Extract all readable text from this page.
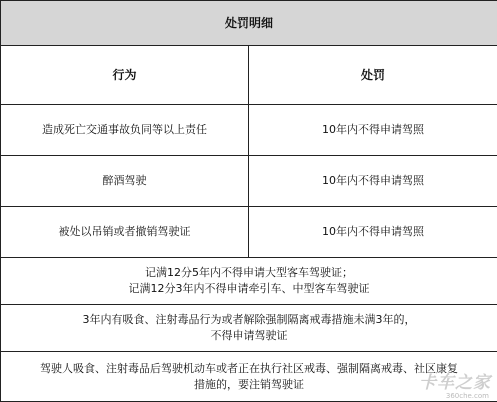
处罚明细	
行为	处罚
造成死亡交通事故负同等以上责任	10年内不得申请驾照
醉酒驾驶	10年内不得申请驾照
被处以吊销或者撤销驾驶证	10年内不得申请驾照

记满12分5年内不得申请大型客车驾驶证；
记满12分3年内不得申请牵引车、中型客车驾驶证	

3年内有吸食、注射毒品行为或者解除强制隔离戒毒措施未满3年的，
不得申请驾驶证	

驾驶人吸食、注射毒品后驾驶机动车或者正在执行社区戒毒、强制隔离戒毒、社区康复
措施的，要注销驾驶证		卡车之家
360che.com
